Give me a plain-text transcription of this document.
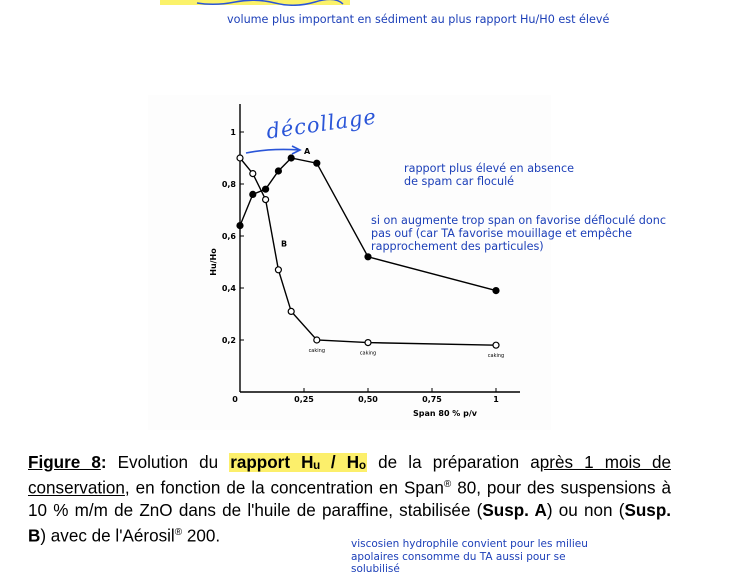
volume plus important en sédiment au plus rapport Hu/H0 est élevé
0,2
0,4
0,6
0,8
1
0	0,25	0,50	0,75	1
Span 80 % p/v
Hu/Ho
A
B
caking	caking	caking
décollage
rapport plus élevé en absence
de spam car floculé
si on augmente trop span on favorise défloculé donc
pas ouf (car TA favorise mouillage et empêche
rapprochement des particules)
Figure 8: Evolution du rapport Hᵤ / Hₒ de la préparation après 1 mois de conservation, en fonction de la concentration en Span® 80, pour des suspensions à 10 % m/m de ZnO dans de l'huile de paraffine, stabilisée (Susp. A) ou non (Susp. B) avec de l'Aérosil® 200.	viscosien hydrophile convient pour les milieu
apolaires consomme du TA aussi pour se
solubilisé
